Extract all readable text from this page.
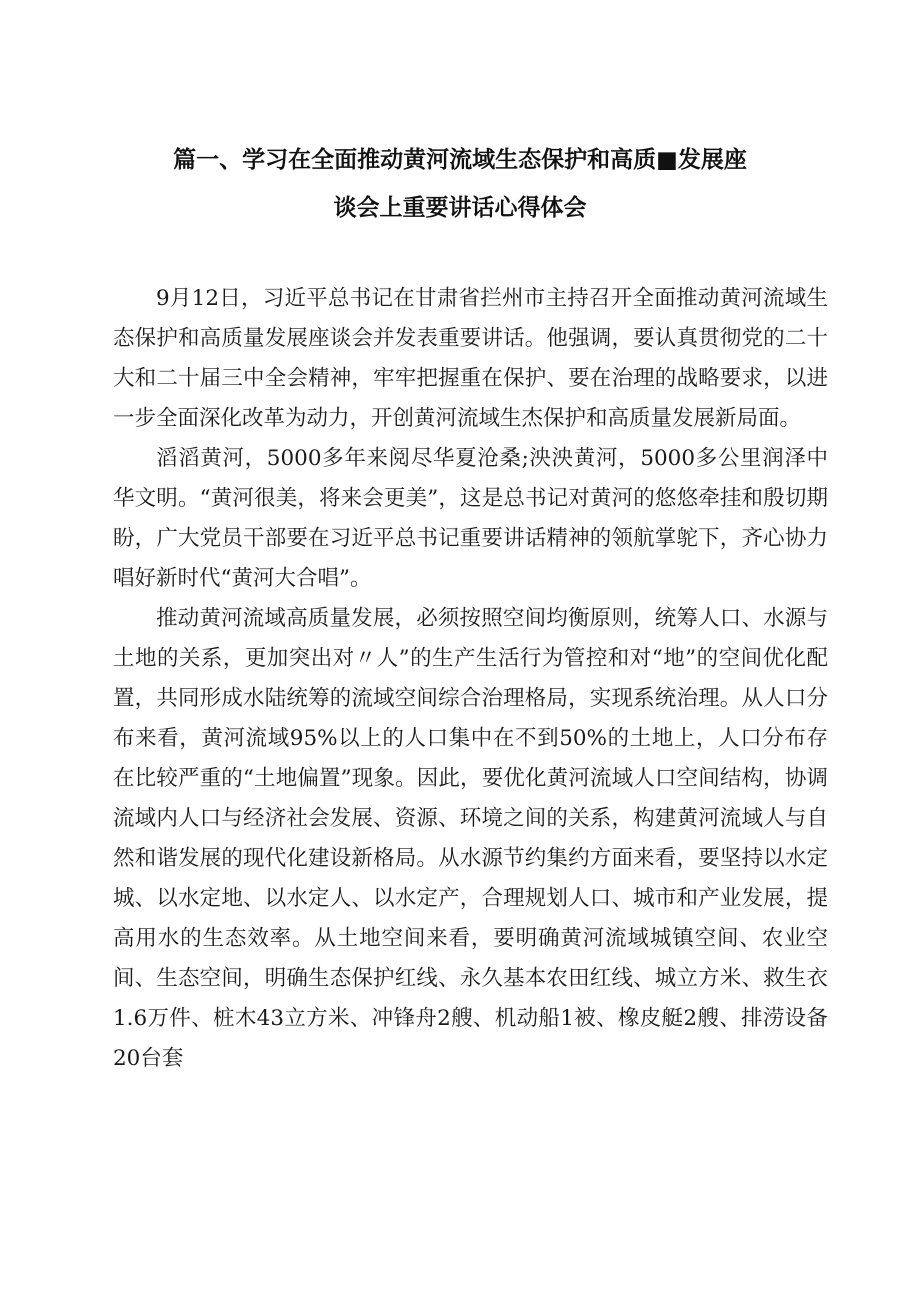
篇一、学习在全面推动黄河流域生态保护和高质■发展座
谈会上重要讲话心得体会

9月12日，习近平总书记在甘肃省拦州市主持召开全面推动黄河流域生态保护和高质量发展座谈会并发表重要讲话。他强调，要认真贯彻党的二十大和二十届三中全会精神，牢牢把握重在保护、要在治理的战略要求，以进一步全面深化改革为动力，开创黄河流域生杰保护和高质量发展新局面。

滔滔黄河，5000多年来阅尽华夏沧桑;泱泱黄河，5000多公里润泽中华文明。“黄河很美，将来会更美”，这是总书记对黄河的悠悠牵挂和殷切期盼，广大党员干部要在习近平总书记重要讲话精神的领航掌鸵下，齐心协力唱好新时代“黄河大合唱”。

推动黄河流域高质量发展，必须按照空间均衡原则，统筹人口、水源与土地的关系，更加突出对〃人”的生产生活行为管控和对“地”的空间优化配置，共同形成水陆统筹的流域空间综合治理格局，实现系统治理。从人口分布来看，黄河流域95%以上的人口集中在不到50%的土地上，人口分布存在比较严重的“土地偏置”现象。因此，要优化黄河流域人口空间结构，协调流域内人口与经济社会发展、资源、环境之间的关系，构建黄河流域人与自然和谐发展的现代化建设新格局。从水源节约集约方面来看，要坚持以水定城、以水定地、以水定人、以水定产，合理规划人口、城市和产业发展，提高用水的生态效率。从土地空间来看，要明确黄河流域城镇空间、农业空间、生态空间，明确生态保护红线、永久基本农田红线、城立方米、救生衣1.6万件、桩木43立方米、冲锋舟2艘、机动船1被、橡皮艇2艘、排涝设备20台套
